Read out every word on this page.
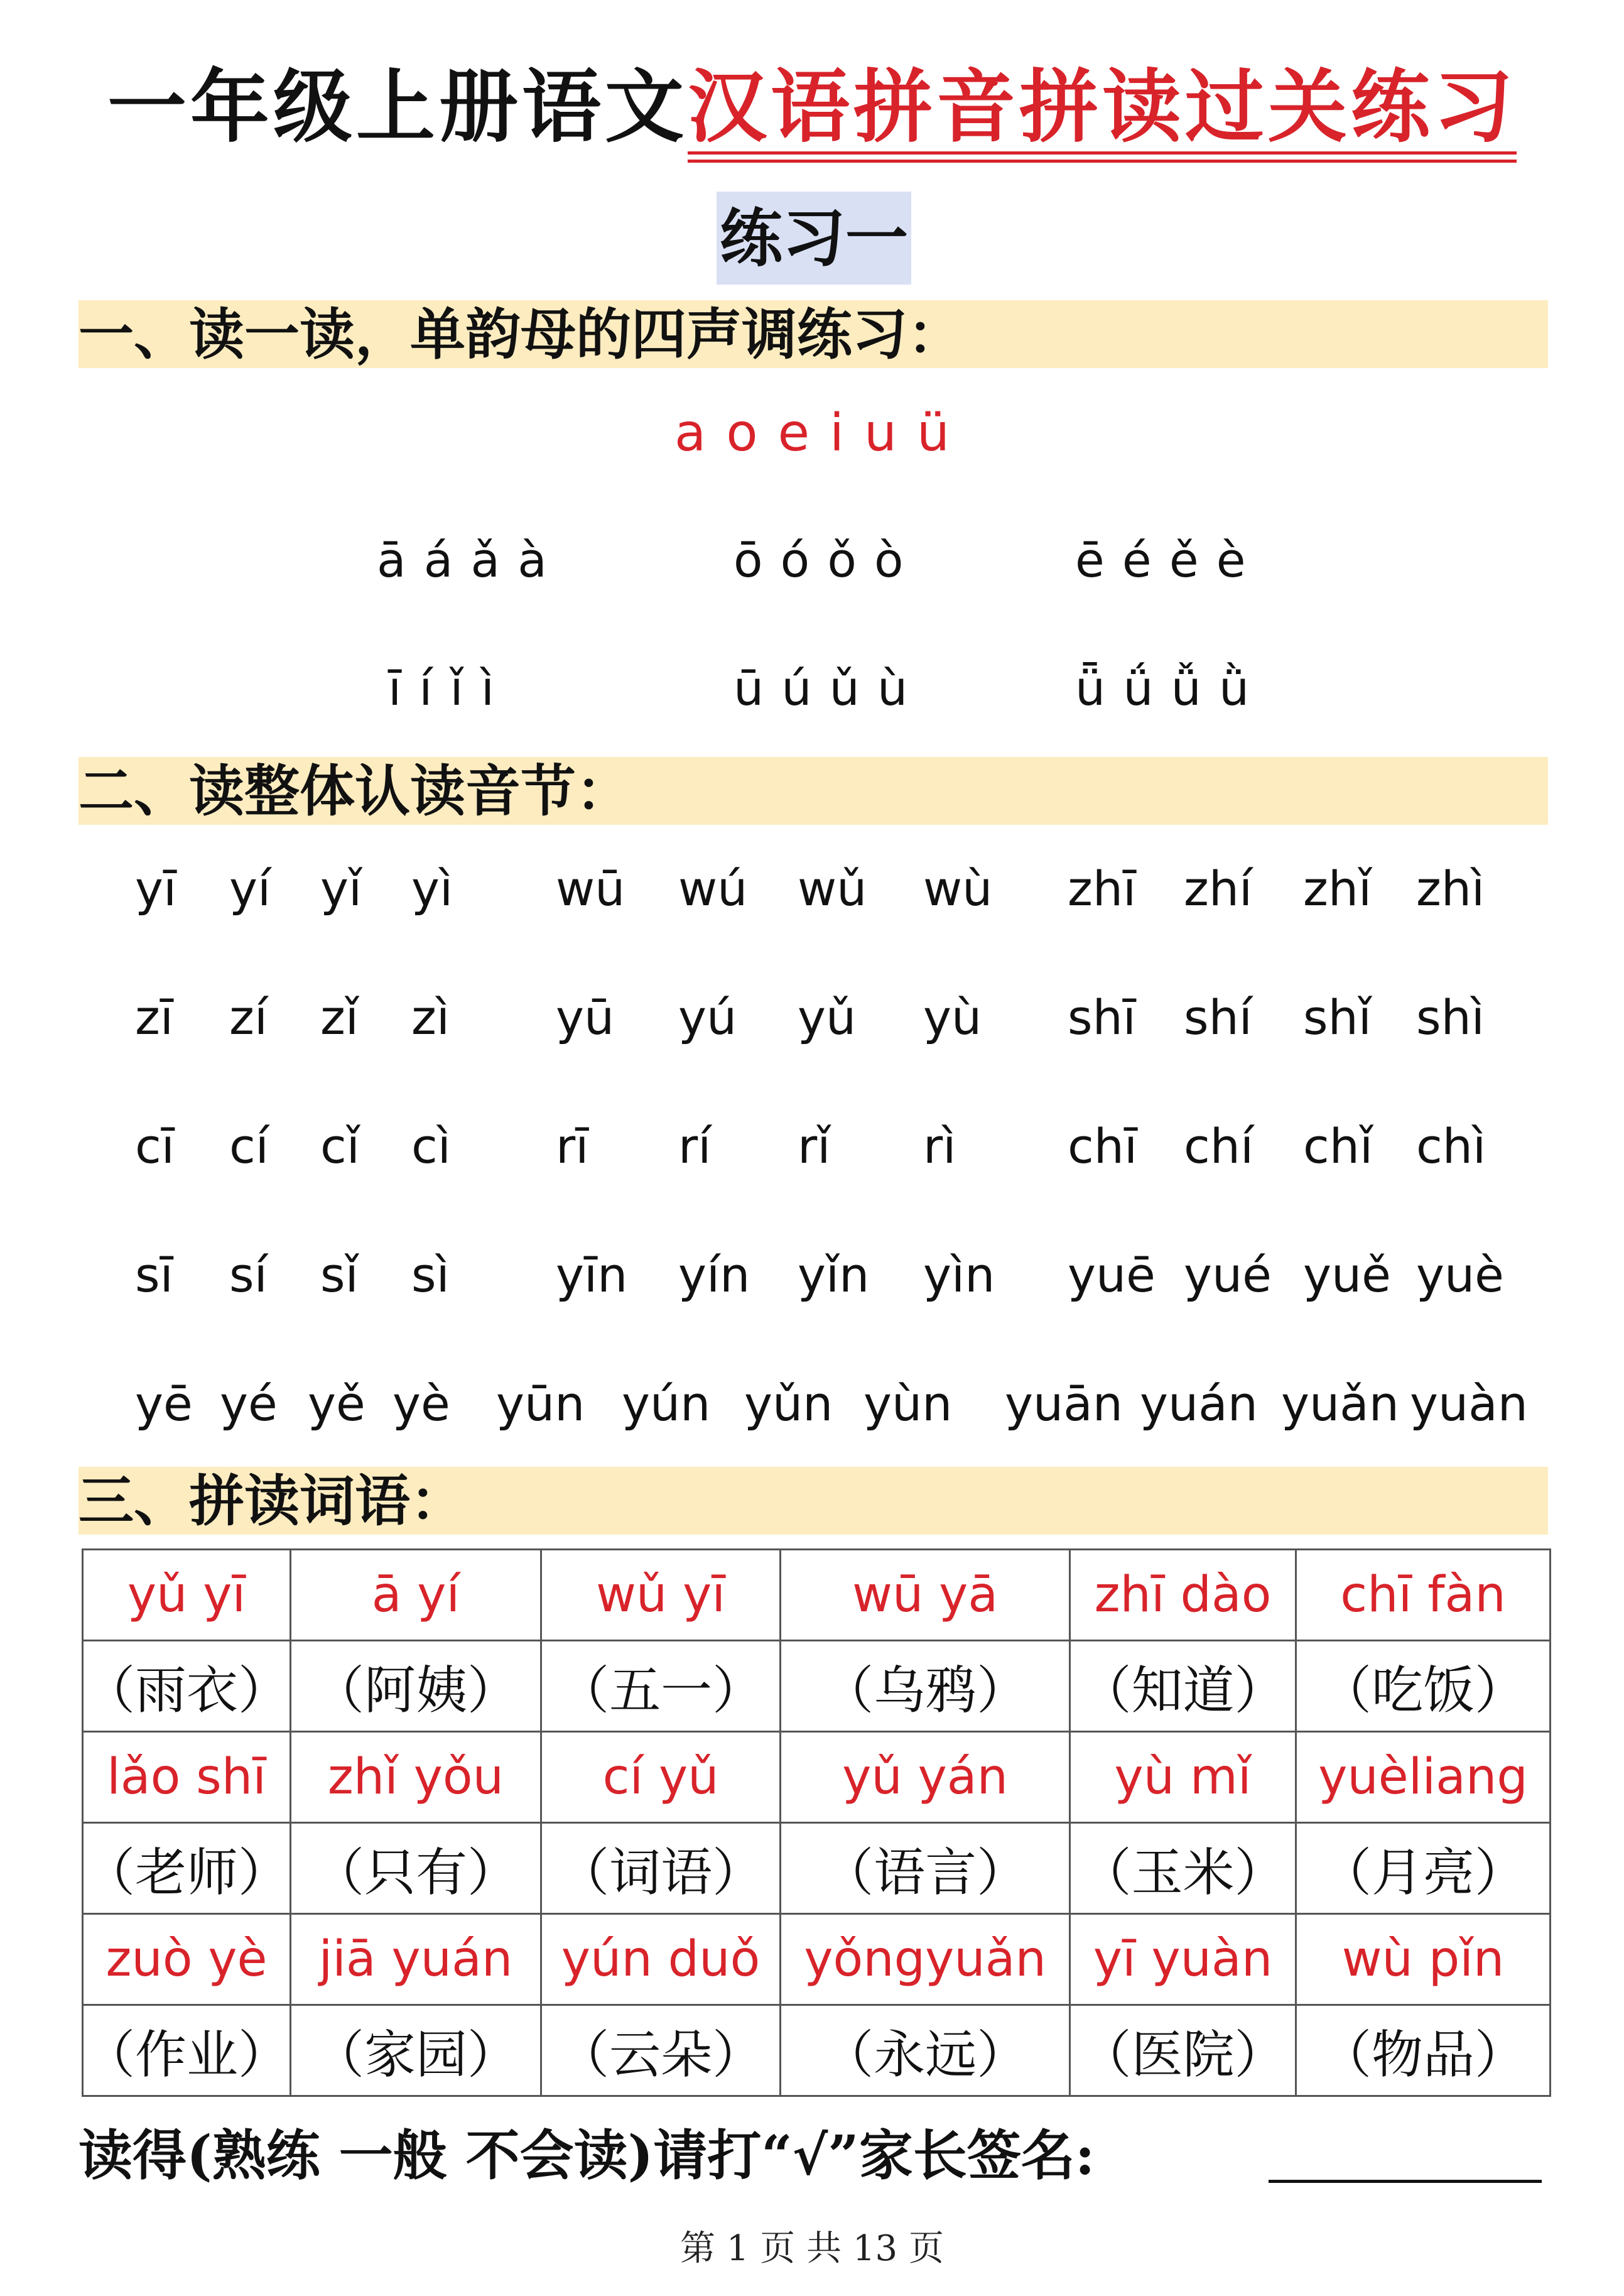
一年级上册语文汉语拼音拼读过关练习
练习一
一、读一读，单韵母的四声调练习：
a o e i u ü
ā á ǎ à	ō ó ǒ ò	ē é ě è
ī í ǐ ì	ū ú ǔ ù	ǖ ǘ ǚ ǜ
二、读整体认读音节：
yī yí yǐ yì wū wú wǔ wù zhī zhí zhǐ zhì
zī zí zǐ zì yū yú yǔ yù shī shí shǐ shì
cī cí cǐ cì rī rí rǐ rì chī chí chǐ chì
sī sí sǐ sì yīn yín yǐn yìn yuē yué yuě yuè
yē yé yě yè yūn yún yǔn yùn yuān yuán yuǎn yuàn
三、拼读词语：
yǔ yī	ā yí	wǔ yī	wū yā	zhī dào	chī fàn
（雨衣）	（阿姨）	（五一）	（乌鸦）	（知道）	（吃饭）
lǎo shī	zhǐ yǒu	cí yǔ	yǔ yán	yù mǐ	yuèliang
（老师）	（只有）	（词语）	（语言）	（玉米）	（月亮）
zuò yè	jiā yuán	yún duǒ	yǒngyuǎn	yī yuàn	wù pǐn
（作业）	（家园）	（云朵）	（永远）	（医院）	（物品）
读得(熟练 一般 不会读)请打“√”家长签名:
第 1 页 共 13 页
